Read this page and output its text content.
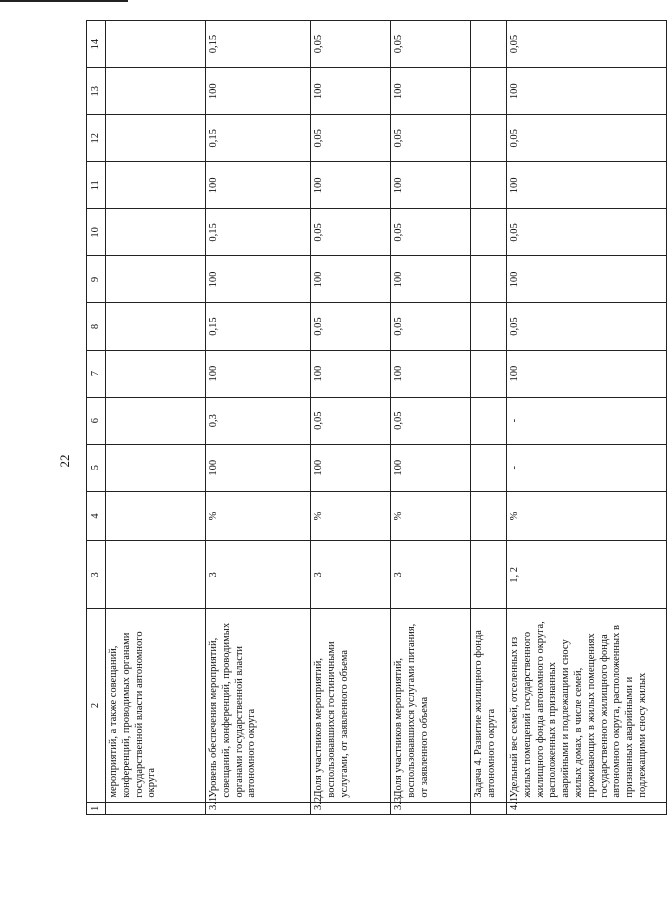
22
1	2	3	4	5	6	7	8	9	10	11	12	13	14
	мероприятий, а также совещаний, конференций, проводимых органами государственной власти автономного округа												
3.1.	Уровень обеспечения мероприятий, совещаний, конференций, проводимых органами государственной власти автономного округа	3	%	100	0,3	100	0,15	100	0,15	100	0,15	100	0,15
3.2.	Доля участников мероприятий, воспользовавшихся гостиничными услугами, от заявленного объема	3	%	100	0,05	100	0,05	100	0,05	100	0,05	100	0,05
3.3.	Доля участников мероприятий, воспользовавшихся услугами питания, от заявленного объема	3	%	100	0,05	100	0,05	100	0,05	100	0,05	100	0,05
	Задача 4. Развитие жилищного фонда автономного округа												
4.1.	Удельный вес семей, отселенных из жилых помещений государственного жилищного фонда автономного округа, расположенных в признанных аварийными и подлежащими сносу жилых домах, в числе семей, проживающих в жилых помещениях государственного жилищного фонда автономного округа, расположенных в признанных аварийными и подлежащими сносу жилых	1, 2	%	-	-	100	0,05	100	0,05	100	0,05	100	0,05
